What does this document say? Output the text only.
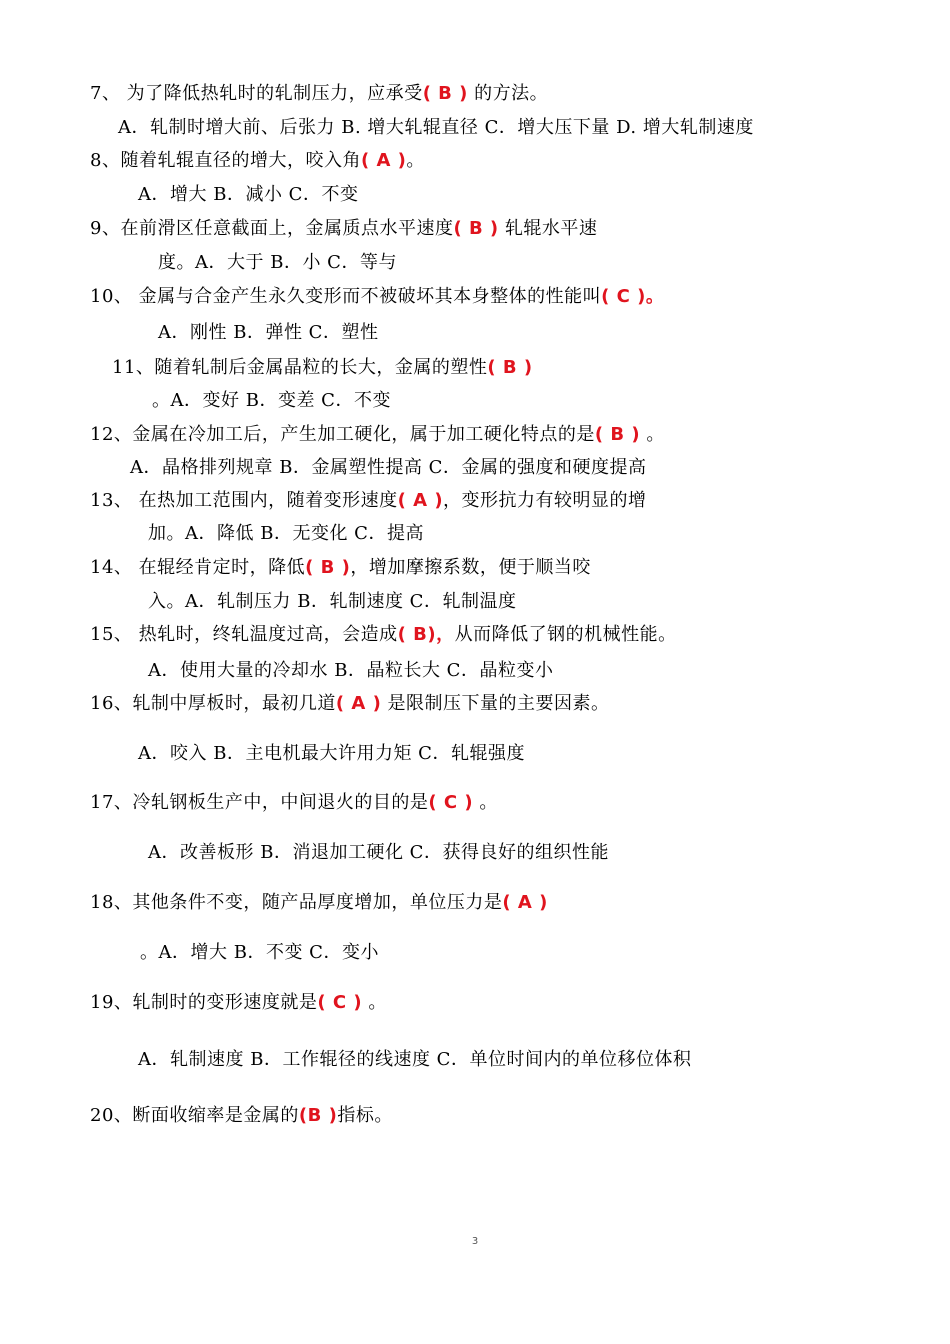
7、 为了降低热轧时的轧制压力，应承受( B ) 的方法。
A．轧制时增大前、后张力 B. 增大轧辊直径 C．增大压下量 D. 增大轧制速度
8、随着轧辊直径的增大，咬入角( A )。
A．增大 B．减小 C．不变
9、在前滑区任意截面上，金属质点水平速度( B ) 轧辊水平速
度。A．大于 B．小 C．等与
10、 金属与合金产生永久变形而不被破坏其本身整体的性能叫( C )。
A．刚性 B．弹性 C．塑性
11、随着轧制后金属晶粒的长大，金属的塑性( B )
。A．变好 B．变差 C．不变
12、金属在冷加工后，产生加工硬化，属于加工硬化特点的是( B ) 。
A．晶格排列规章 B．金属塑性提高 C．金属的强度和硬度提高
13、 在热加工范围内，随着变形速度( A )，变形抗力有较明显的增
加。A．降低 B．无变化 C．提高
14、 在辊经肯定时，降低( B )，增加摩擦系数，便于顺当咬
入。A．轧制压力 B．轧制速度 C．轧制温度
15、 热轧时，终轧温度过高，会造成( B)，从而降低了钢的机械性能。
A．使用大量的冷却水 B．晶粒长大 C．晶粒变小
16、轧制中厚板时，最初几道( A ) 是限制压下量的主要因素。
A．咬入 B．主电机最大许用力矩 C．轧辊强度
17、冷轧钢板生产中，中间退火的目的是( C ) 。
A．改善板形 B．消退加工硬化 C．获得良好的组织性能
18、其他条件不变，随产品厚度增加，单位压力是( A )
。A．增大 B．不变 C．变小
19、轧制时的变形速度就是( C ) 。
A．轧制速度 B．工作辊径的线速度 C．单位时间内的单位移位体积
20、断面收缩率是金属的(B )指标。
3
